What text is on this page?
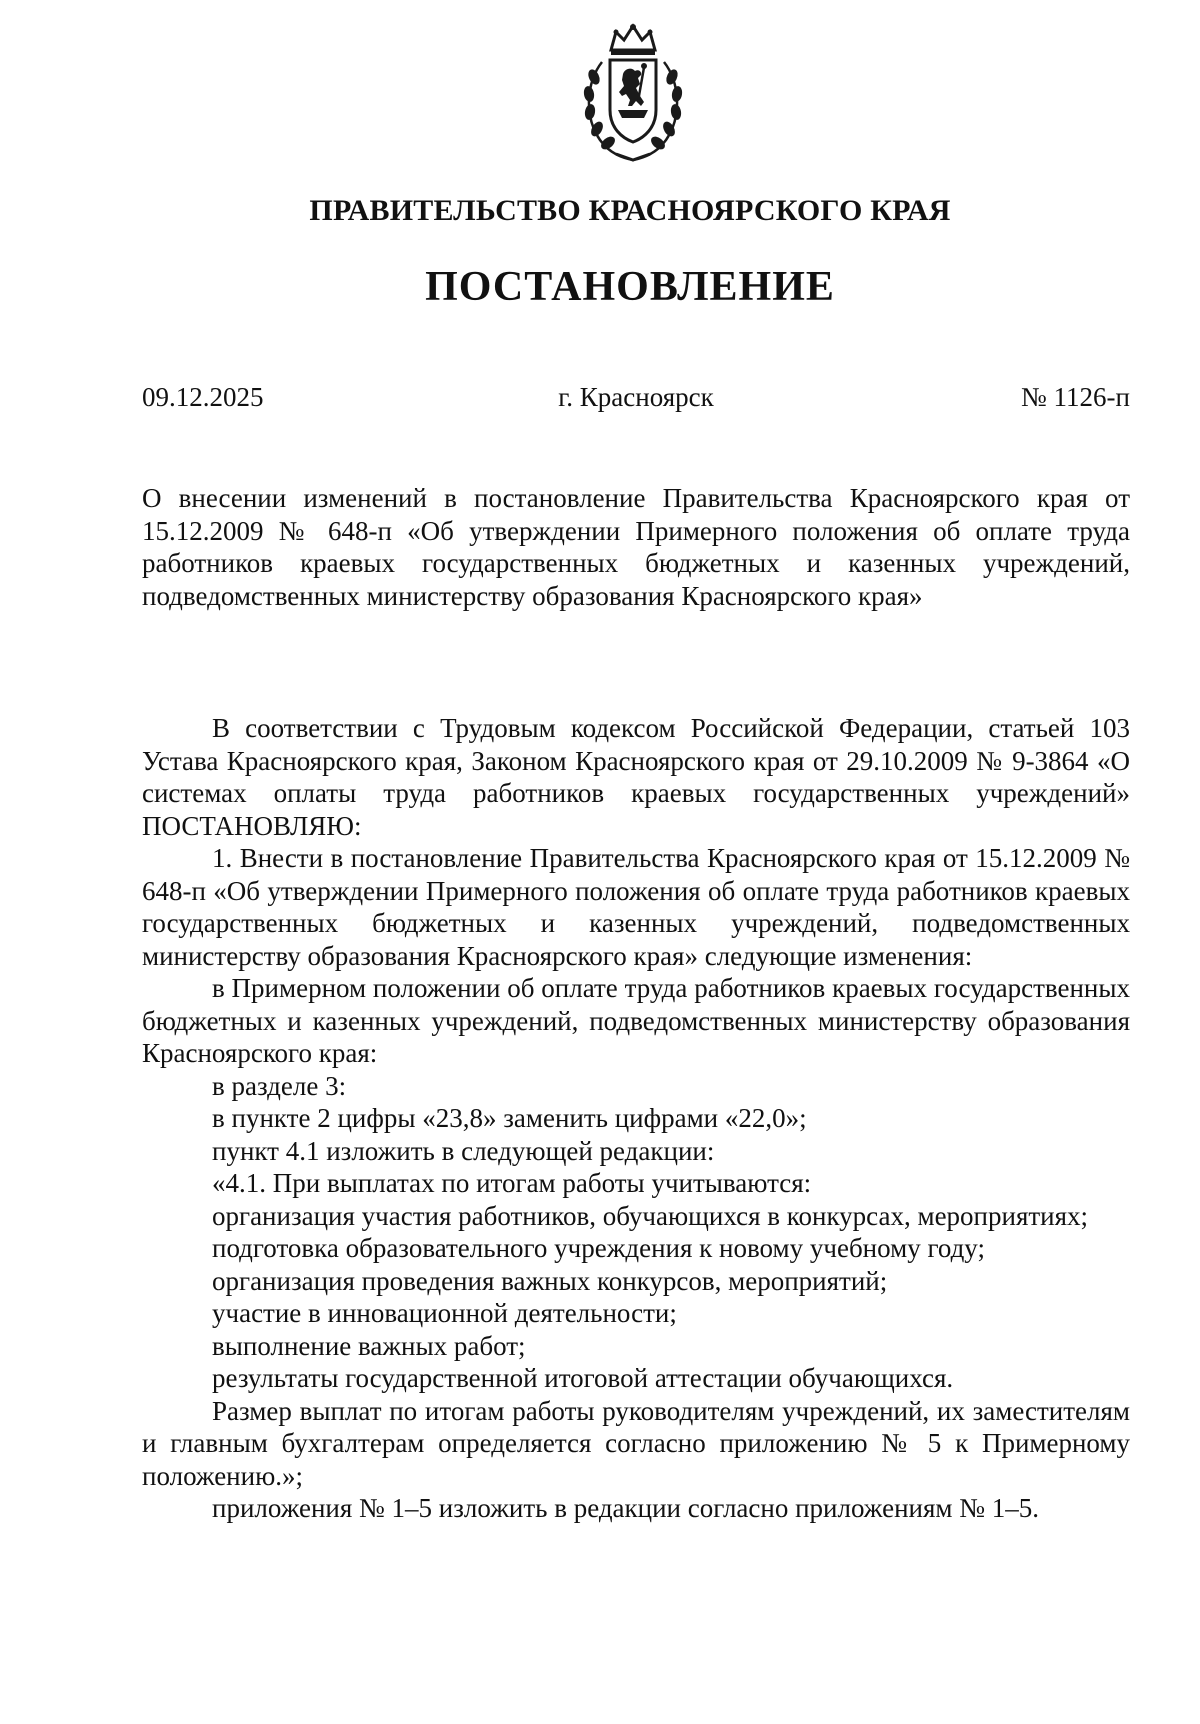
ПРАВИТЕЛЬСТВО КРАСНОЯРСКОГО КРАЯ
ПОСТАНОВЛЕНИЕ
09.12.2025	г. Красноярск	№ 1126-п

О внесении изменений в постановление Правительства Красноярского края от 15.12.2009 № 648-п «Об утверждении Примерного положения об оплате труда работников краевых государственных бюджетных и казенных учреждений, подведомственных министерству образования Красноярского края»

В соответствии с Трудовым кодексом Российской Федерации, статьей 103 Устава Красноярского края, Законом Красноярского края от 29.10.2009 № 9-3864 «О системах оплаты труда работников краевых государственных учреждений» ПОСТАНОВЛЯЮ:

1. Внести в постановление Правительства Красноярского края от 15.12.2009 № 648-п «Об утверждении Примерного положения об оплате труда работников краевых государственных бюджетных и казенных учреждений, подведомственных министерству образования Красноярского края» следующие изменения:

в Примерном положении об оплате труда работников краевых государственных бюджетных и казенных учреждений, подведомственных министерству образования Красноярского края:

в разделе 3:

в пункте 2 цифры «23,8» заменить цифрами «22,0»;

пункт 4.1 изложить в следующей редакции:

«4.1. При выплатах по итогам работы учитываются:

организация участия работников, обучающихся в конкурсах, мероприятиях;

подготовка образовательного учреждения к новому учебному году;

организация проведения важных конкурсов, мероприятий;

участие в инновационной деятельности;

выполнение важных работ;

результаты государственной итоговой аттестации обучающихся.

Размер выплат по итогам работы руководителям учреждений, их заместителям и главным бухгалтерам определяется согласно приложению № 5 к Примерному положению.»;

приложения № 1–5 изложить в редакции согласно приложениям № 1–5.
